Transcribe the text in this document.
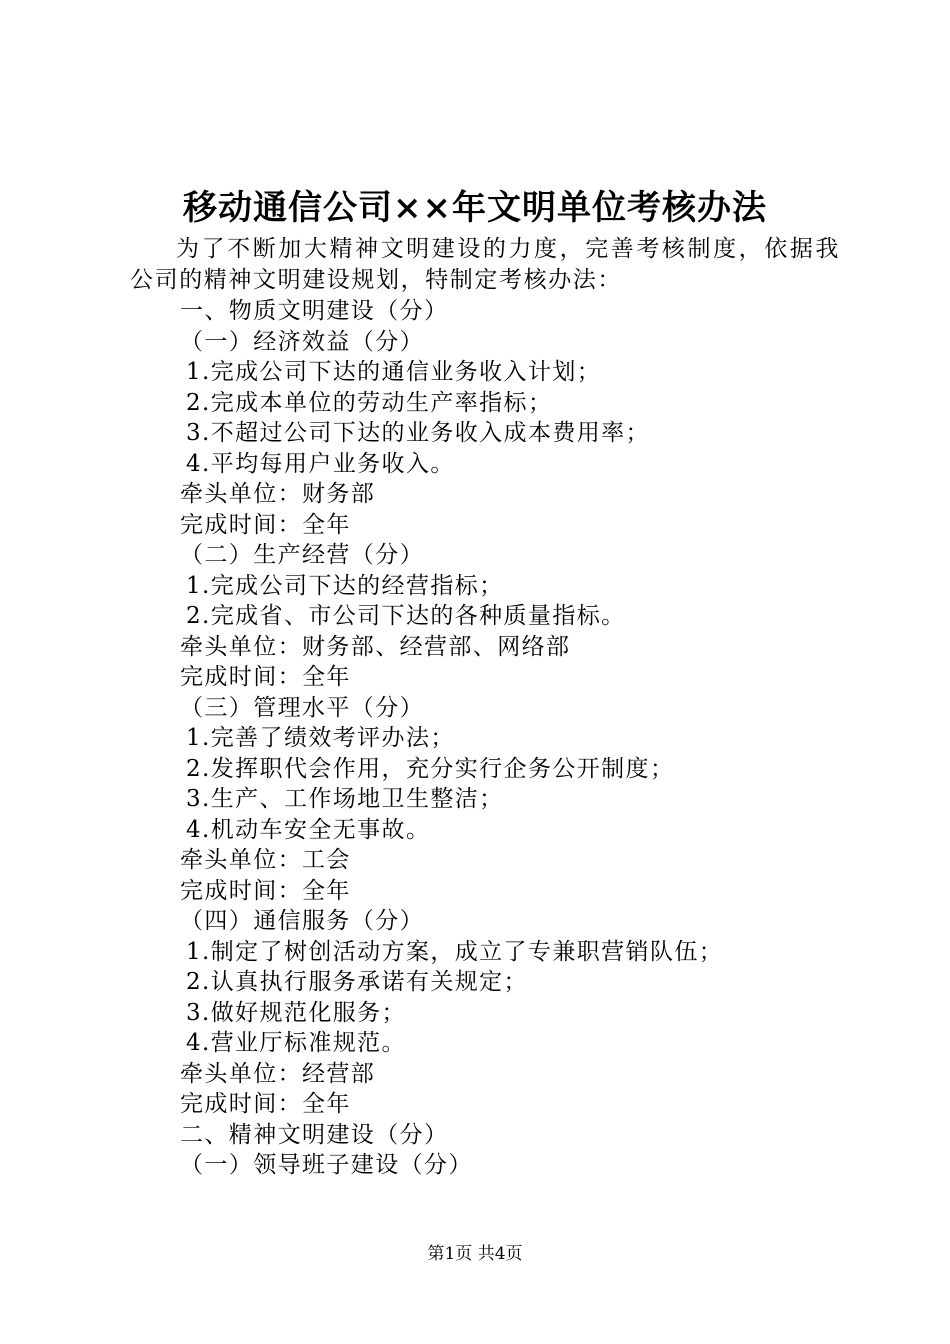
移动通信公司××年文明单位考核办法
为了不断加大精神文明建设的力度，完善考核制度，依据我公司的精神文明建设规划，特制定考核办法：
一、物质文明建设（分）
（一）经济效益（分）
1.完成公司下达的通信业务收入计划；
2.完成本单位的劳动生产率指标；
3.不超过公司下达的业务收入成本费用率；
4.平均每用户业务收入。
牵头单位：财务部
完成时间：全年
（二）生产经营（分）
1.完成公司下达的经营指标；
2.完成省、市公司下达的各种质量指标。
牵头单位：财务部、经营部、网络部
完成时间：全年
（三）管理水平（分）
1.完善了绩效考评办法；
2.发挥职代会作用，充分实行企务公开制度；
3.生产、工作场地卫生整洁；
4.机动车安全无事故。
牵头单位：工会
完成时间：全年
（四）通信服务（分）
1.制定了树创活动方案，成立了专兼职营销队伍；
2.认真执行服务承诺有关规定；
3.做好规范化服务；
4.营业厅标准规范。
牵头单位：经营部
完成时间：全年
二、精神文明建设（分）
（一）领导班子建设（分）
第1页 共4页
